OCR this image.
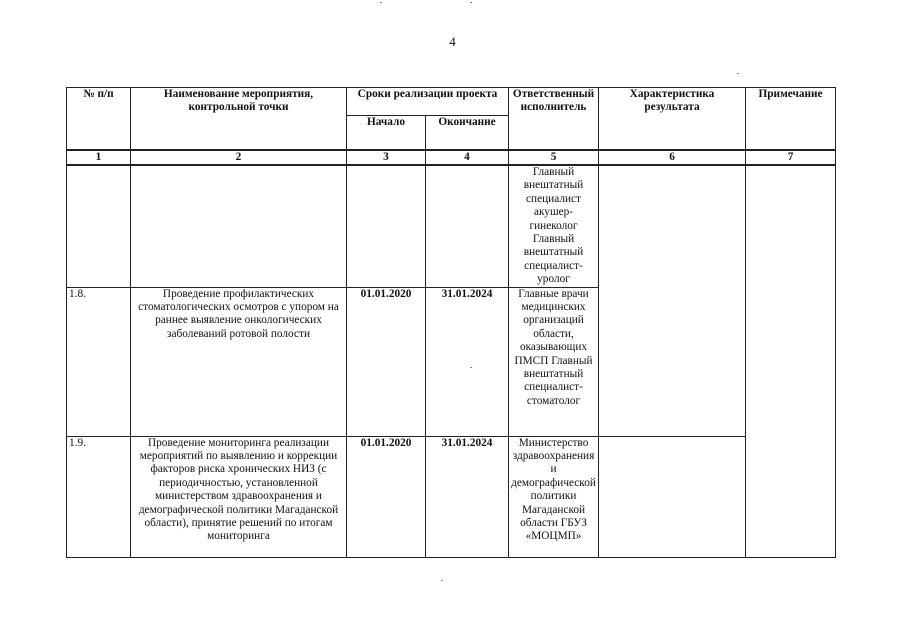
4
№ п/п	Наименование мероприятия, контрольной точки	Сроки реализации проекта		Ответственный исполнитель	Характеристика результата	Примечание
		Начало	Окончание			
1	2	3	4	5	6	7
				Главный внештатный специалист акушер-гинеколог Главный внештатный специалист-уролог		
1.8.	Проведение профилактических стоматологических осмотров с упором на раннее выявление онкологических заболеваний ротовой полости	01.01.2020	31.01.2024	Главные врачи медицинских организаций области, оказывающих ПМСП Главный внештатный специалист-стоматолог		
1.9.	Проведение мониторинга реализации мероприятий по выявлению и коррекции факторов риска хронических НИЗ (с периодичностью, установленной министерством здравоохранения и демографической политики Магаданской области), принятие решений по итогам мониторинга	01.01.2020	31.01.2024	Министерство здравоохранения и демографической политики Магаданской области ГБУЗ «МОЦМП»		
